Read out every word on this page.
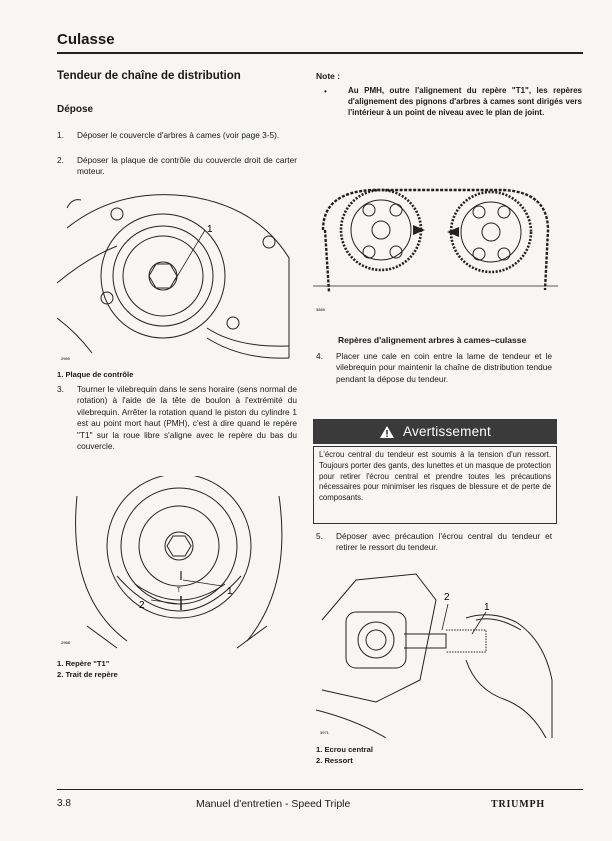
Culasse
Tendeur de chaîne de distribution
Dépose
1. Déposer le couvercle d'arbres à cames (voir page 3-5).
2. Déposer la plaque de contrôle du couvercle droit de carter moteur.
1
2969
1. Plaque de contrôle
3. Tourner le vilebrequin dans le sens horaire (sens normal de rotation) à l'aide de la tête de boulon à l'extrémité du vilebrequin. Arrêter la rotation quand le piston du cylindre 1 est au point mort haut (PMH), c'est à dire quand le repère "T1" sur la roue libre s'aligne avec le repère du bas du couvercle.
T	1
2
2968
1. Repère "T1"
2. Trait de repère
Note :
•	Au PMH, outre l'alignement du repère "T1", les repères d'alignement des pignons d'arbres à cames sont dirigés vers l'intérieur à un point de niveau avec le plan de joint.
3869
Repères d'alignement arbres à cames–culasse
4. Placer une cale en coin entre la lame de tendeur et le vilebrequin pour maintenir la chaîne de distribution tendue pendant la dépose du tendeur.
Avertissement
L'écrou central du tendeur est soumis à la tension d'un ressort. Toujours porter des gants, des lunettes et un masque de protection pour retirer l'écrou central et prendre toutes les précautions nécessaires pour minimiser les risques de blessure et de perte de composants.
5. Déposer avec précaution l'écrou central du tendeur et retirer le ressort du tendeur.
2
1
3971
1. Ecrou central
2. Ressort
3.8	Manuel d'entretien - Speed Triple	TRIUMPH
